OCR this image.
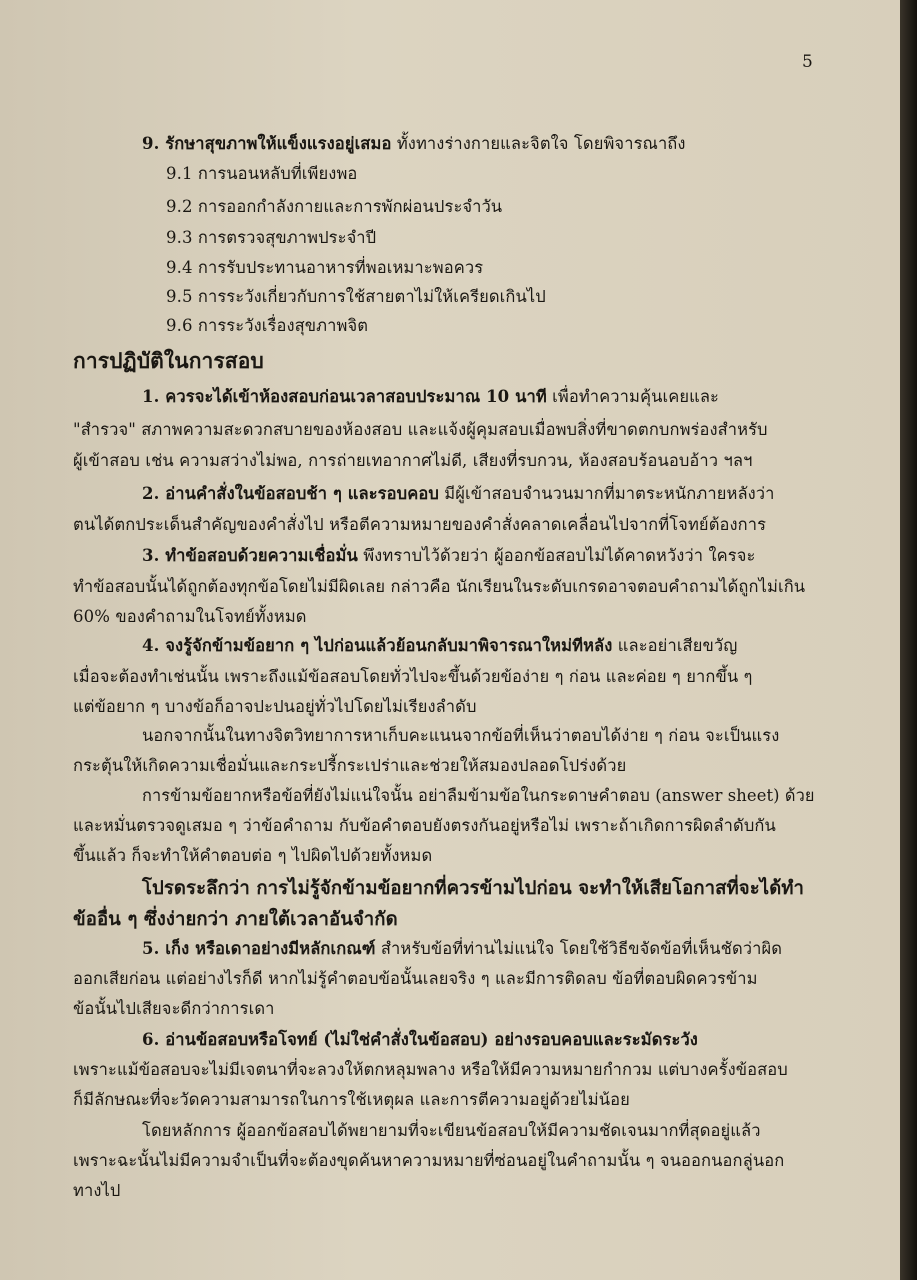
5
9. รักษาสุขภาพให้แข็งแรงอยู่เสมอ ทั้งทางร่างกายและจิตใจ โดยพิจารณาถึง
9.1 การนอนหลับที่เพียงพอ
9.2 การออกกำลังกายและการพักผ่อนประจำวัน
9.3 การตรวจสุขภาพประจำปี
9.4 การรับประทานอาหารที่พอเหมาะพอควร
9.5 การระวังเกี่ยวกับการใช้สายตาไม่ให้เครียดเกินไป
9.6 การระวังเรื่องสุขภาพจิต
การปฏิบัติในการสอบ
1. ควรจะได้เข้าห้องสอบก่อนเวลาสอบประมาณ 10 นาที เพื่อทำความคุ้นเคยและ
"สำรวจ" สภาพความสะดวกสบายของห้องสอบ และแจ้งผู้คุมสอบเมื่อพบสิ่งที่ขาดตกบกพร่องสำหรับ
ผู้เข้าสอบ เช่น ความสว่างไม่พอ, การถ่ายเทอากาศไม่ดี, เสียงที่รบกวน, ห้องสอบร้อนอบอ้าว ฯลฯ
2. อ่านคำสั่งในข้อสอบช้า ๆ และรอบคอบ มีผู้เข้าสอบจำนวนมากที่มาตระหนักภายหลังว่า
ตนได้ตกประเด็นสำคัญของคำสั่งไป หรือตีความหมายของคำสั่งคลาดเคลื่อนไปจากที่โจทย์ต้องการ
3. ทำข้อสอบด้วยความเชื่อมั่น พึงทราบไว้ด้วยว่า ผู้ออกข้อสอบไม่ได้คาดหวังว่า ใครจะ
ทำข้อสอบนั้นได้ถูกต้องทุกข้อโดยไม่มีผิดเลย กล่าวคือ นักเรียนในระดับเกรดอาจตอบคำถามได้ถูกไม่เกิน
60% ของคำถามในโจทย์ทั้งหมด
4. จงรู้จักข้ามข้อยาก ๆ ไปก่อนแล้วย้อนกลับมาพิจารณาใหม่ทีหลัง และอย่าเสียขวัญ
เมื่อจะต้องทำเช่นนั้น เพราะถึงแม้ข้อสอบโดยทั่วไปจะขึ้นด้วยข้อง่าย ๆ ก่อน และค่อย ๆ ยากขึ้น ๆ
แต่ข้อยาก ๆ บางข้อก็อาจปะปนอยู่ทั่วไปโดยไม่เรียงลำดับ
นอกจากนั้นในทางจิตวิทยาการหาเก็บคะแนนจากข้อที่เห็นว่าตอบได้ง่าย ๆ ก่อน จะเป็นแรง
กระตุ้นให้เกิดความเชื่อมั่นและกระปรี้กระเปร่าและช่วยให้สมองปลอดโปร่งด้วย
การข้ามข้อยากหรือข้อที่ยังไม่แน่ใจนั้น อย่าลืมข้ามข้อในกระดาษคำตอบ (answer sheet) ด้วย
และหมั่นตรวจดูเสมอ ๆ ว่าข้อคำถาม กับข้อคำตอบยังตรงกันอยู่หรือไม่ เพราะถ้าเกิดการผิดลำดับกัน
ขึ้นแล้ว ก็จะทำให้คำตอบต่อ ๆ ไปผิดไปด้วยทั้งหมด
โปรดระลึกว่า การไม่รู้จักข้ามข้อยากที่ควรข้ามไปก่อน จะทำให้เสียโอกาสที่จะได้ทำ
ข้ออื่น ๆ ซึ่งง่ายกว่า ภายใต้เวลาอันจำกัด
5. เก็ง หรือเดาอย่างมีหลักเกณฑ์ สำหรับข้อที่ท่านไม่แน่ใจ โดยใช้วิธีขจัดข้อที่เห็นชัดว่าผิด
ออกเสียก่อน แต่อย่างไรก็ดี หากไม่รู้คำตอบข้อนั้นเลยจริง ๆ และมีการติดลบ ข้อที่ตอบผิดควรข้าม
ข้อนั้นไปเสียจะดีกว่าการเดา
6. อ่านข้อสอบหรือโจทย์ (ไม่ใช่คำสั่งในข้อสอบ) อย่างรอบคอบและระมัดระวัง
เพราะแม้ข้อสอบจะไม่มีเจตนาที่จะลวงให้ตกหลุมพลาง หรือให้มีความหมายกำกวม แต่บางครั้งข้อสอบ
ก็มีลักษณะที่จะวัดความสามารถในการใช้เหตุผล และการตีความอยู่ด้วยไม่น้อย
โดยหลักการ ผู้ออกข้อสอบได้พยายามที่จะเขียนข้อสอบให้มีความชัดเจนมากที่สุดอยู่แล้ว
เพราะฉะนั้นไม่มีความจำเป็นที่จะต้องขุดค้นหาความหมายที่ซ่อนอยู่ในคำถามนั้น ๆ จนออกนอกลู่นอก
ทางไป
